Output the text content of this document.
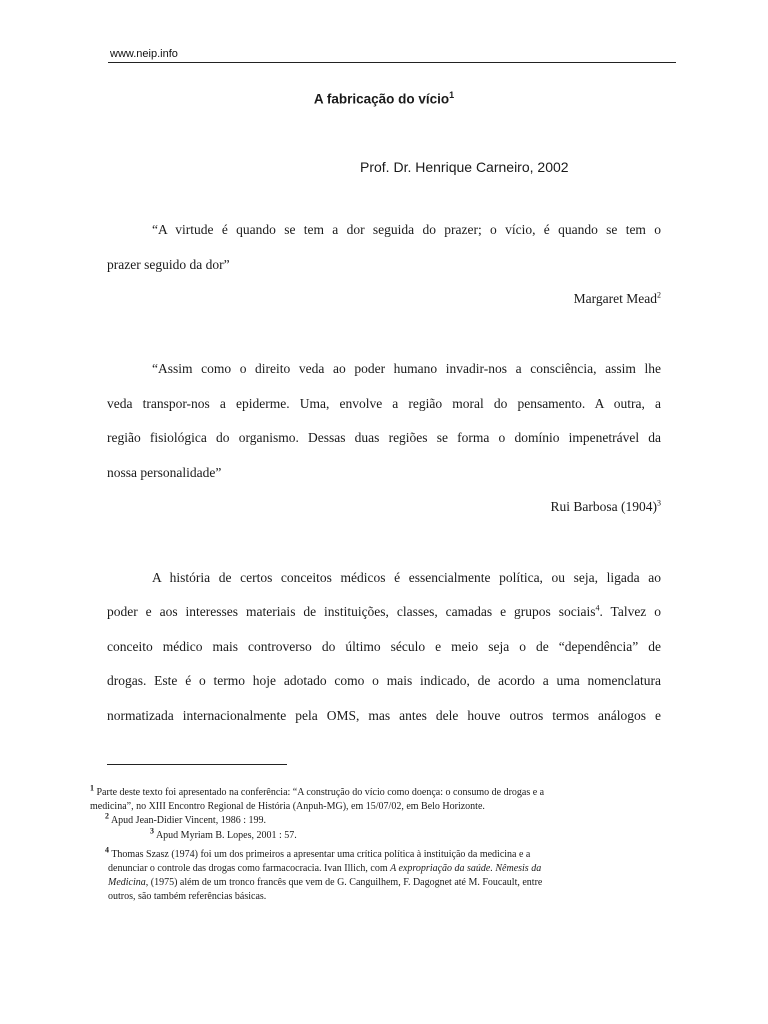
www.neip.info
A fabricação do vício$^1$
Prof. Dr. Henrique Carneiro, 2002
“A virtude é quando se tem a dor seguida do prazer; o vício, é quando se tem o
prazer seguido da dor”
Margaret Mead$^2$
“Assim como o direito veda ao poder humano invadir-nos a consciência, assim lhe
veda transpor-nos a epiderme. Uma, envolve a região moral do pensamento. A outra, a
região fisiológica do organismo. Dessas duas regiões se forma o domínio impenetrável da
nossa personalidade”
Rui Barbosa (1904)$^3$
A história de certos conceitos médicos é essencialmente política, ou seja, ligada ao
poder e aos interesses materiais de instituições, classes, camadas e grupos sociais$^4$. Talvez o
conceito médico mais controverso do último século e meio seja o de “dependência” de
drogas. Este é o termo hoje adotado como o mais indicado, de acordo a uma nomenclatura
normatizada internacionalmente pela OMS, mas antes dele houve outros termos análogos e
$^1$ Parte deste texto foi apresentado na conferência: “A construção do vício como doença: o consumo de drogas e a
medicina”, no XIII Encontro Regional de História (Anpuh-MG), em 15/07/02, em Belo Horizonte.
$^2$ Apud Jean-Didier Vincent, 1986 : 199.
$^3$ Apud Myriam B. Lopes, 2001 : 57.
$^4$ Thomas Szasz (1974) foi um dos primeiros a apresentar uma crítica política à instituição da medicina e a
denunciar o controle das drogas como farmacocracia. Ivan Illich, com A expropriação da saúde. Nêmesis da
Medicina, (1975) além de um tronco francês que vem de G. Canguilhem, F. Dagognet até M. Foucault, entre
outros, são também referências básicas.
